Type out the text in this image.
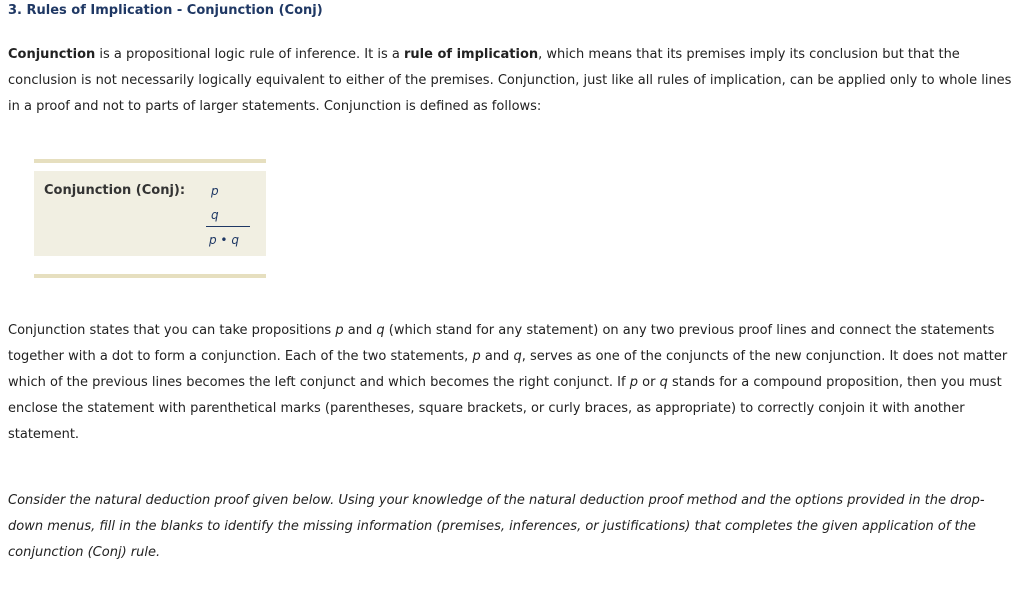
3. Rules of Implication - Conjunction (Conj)

Conjunction is a propositional logic rule of inference. It is a rule of implication, which means that its premises imply its conclusion but that the conclusion is not necessarily logically equivalent to either of the premises. Conjunction, just like all rules of implication, can be applied only to whole lines in a proof and not to parts of larger statements. Conjunction is defined as follows:

Conjunction (Conj): p
q
p • q

Conjunction states that you can take propositions p and q (which stand for any statement) on any two previous proof lines and connect the statements together with a dot to form a conjunction. Each of the two statements, p and q, serves as one of the conjuncts of the new conjunction. It does not matter which of the previous lines becomes the left conjunct and which becomes the right conjunct. If p or q stands for a compound proposition, then you must enclose the statement with parenthetical marks (parentheses, square brackets, or curly braces, as appropriate) to correctly conjoin it with another statement.

Consider the natural deduction proof given below. Using your knowledge of the natural deduction proof method and the options provided in the drop-down menus, fill in the blanks to identify the missing information (premises, inferences, or justifications) that completes the given application of the conjunction (Conj) rule.
